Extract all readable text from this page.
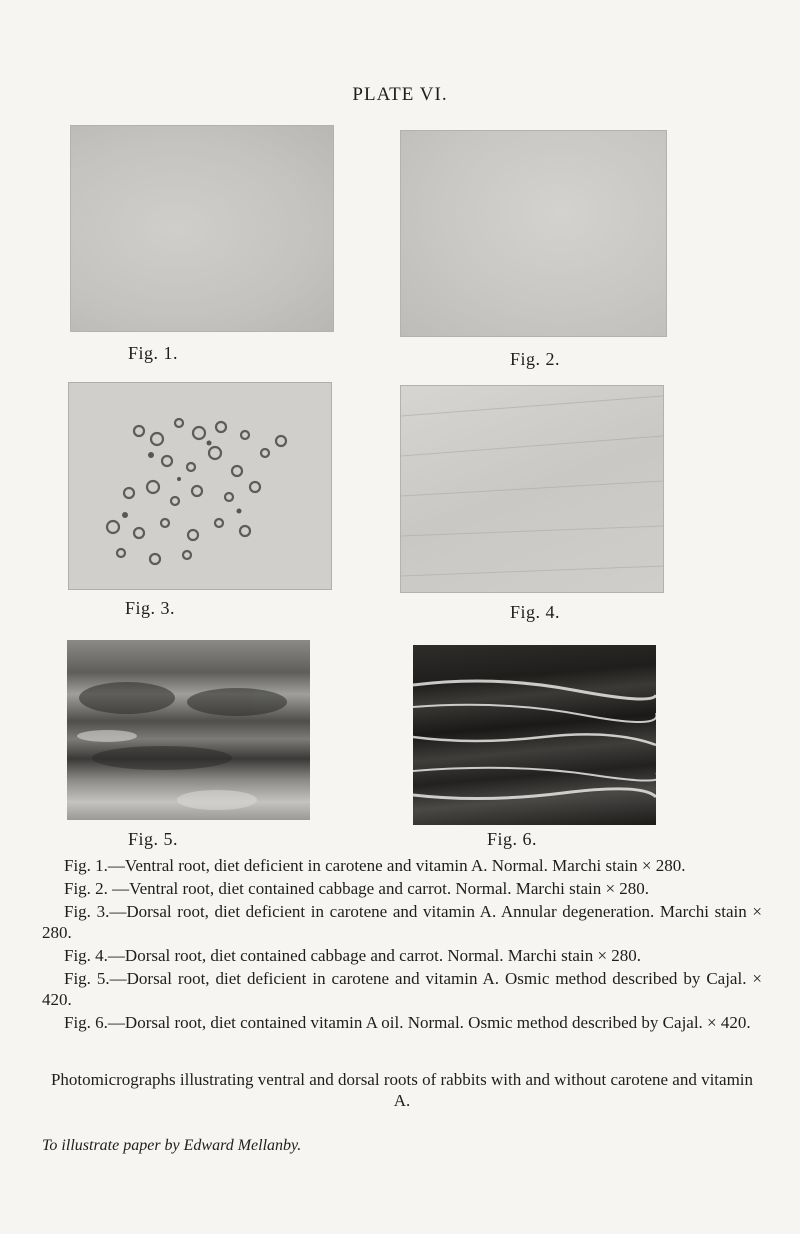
PLATE VI.
Fig. 1.	Fig. 2.
Fig. 3.	Fig. 4.
Fig. 5.	Fig. 6.

Fig. 1.—Ventral root, diet deficient in carotene and vitamin A. Normal. Marchi stain × 280.

Fig. 2. —Ventral root, diet contained cabbage and carrot. Normal. Marchi stain × 280.

Fig. 3.—Dorsal root, diet deficient in carotene and vitamin A. Annular degeneration. Marchi stain × 280.

Fig. 4.—Dorsal root, diet contained cabbage and carrot. Normal. Marchi stain × 280.

Fig. 5.—Dorsal root, diet deficient in carotene and vitamin A. Osmic method described by Cajal. × 420.

Fig. 6.—Dorsal root, diet contained vitamin A oil. Normal. Osmic method described by Cajal. × 420.

Photomicrographs illustrating ventral and dorsal roots of rabbits with and without carotene and vitamin A.
To illustrate paper by Edward Mellanby.
